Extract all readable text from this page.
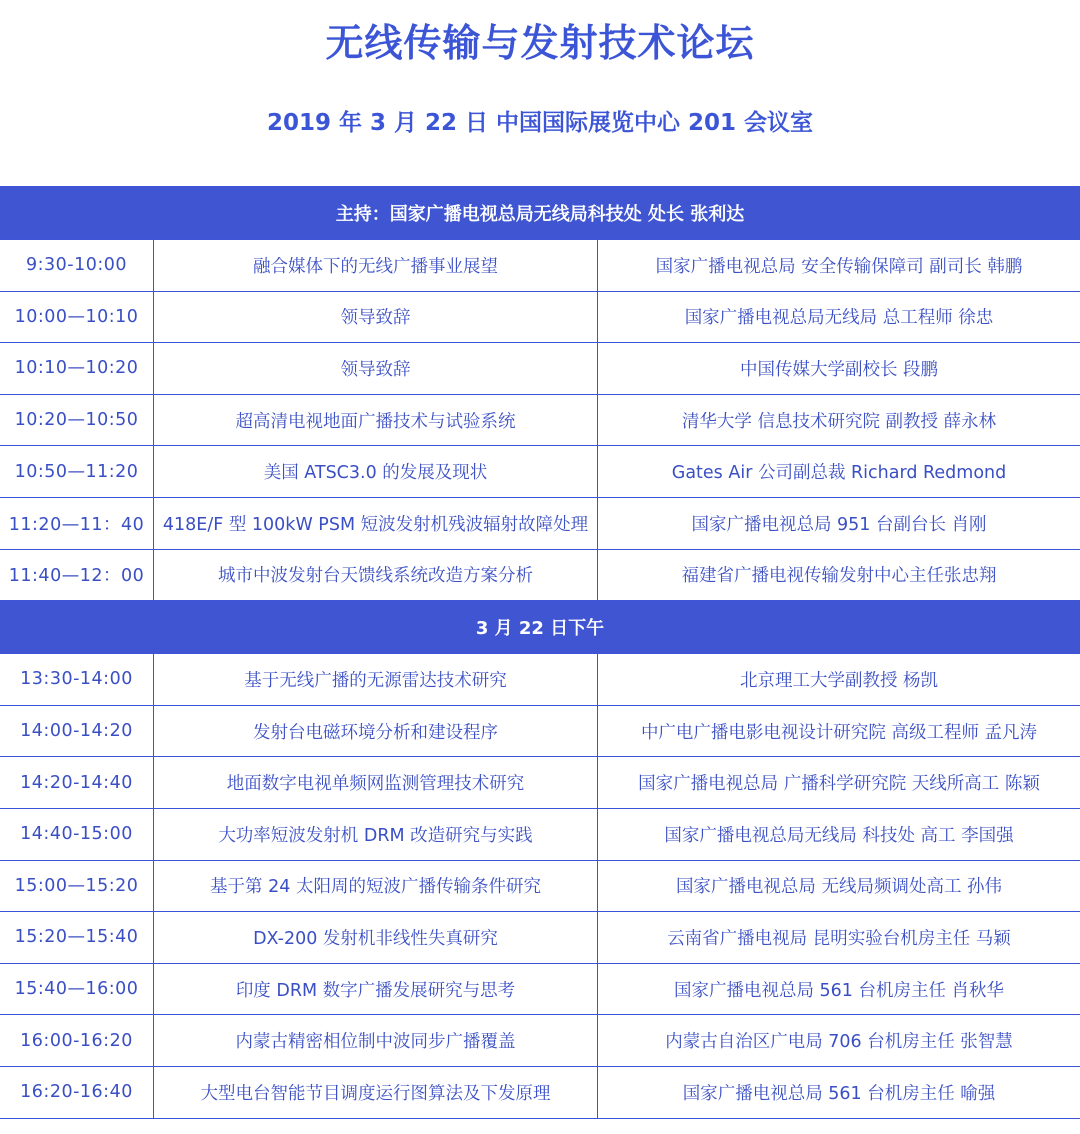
无线传输与发射技术论坛
2019 年 3 月 22 日 中国国际展览中心 201 会议室
主持：国家广播电视总局无线局科技处 处长 张利达
9:30-10:00	融合媒体下的无线广播事业展望	国家广播电视总局 安全传输保障司 副司长 韩鹏
10:00—10:10	领导致辞	国家广播电视总局无线局 总工程师 徐忠
10:10—10:20	领导致辞	中国传媒大学副校长 段鹏
10:20—10:50	超高清电视地面广播技术与试验系统	清华大学 信息技术研究院 副教授 薛永林
10:50—11:20	美国 ATSC3.0 的发展及现状	Gates Air 公司副总裁 Richard Redmond
11:20—11：40	418E/F 型 100kW PSM 短波发射机残波辐射故障处理	国家广播电视总局 951 台副台长 肖刚
11:40—12：00	城市中波发射台天馈线系统改造方案分析	福建省广播电视传输发射中心主任张忠翔
3 月 22 日下午
13:30-14:00	基于无线广播的无源雷达技术研究	北京理工大学副教授 杨凯
14:00-14:20	发射台电磁环境分析和建设程序	中广电广播电影电视设计研究院 高级工程师 孟凡涛
14:20-14:40	地面数字电视单频网监测管理技术研究	国家广播电视总局 广播科学研究院 天线所高工 陈颖
14:40-15:00	大功率短波发射机 DRM 改造研究与实践	国家广播电视总局无线局 科技处 高工 李国强
15:00—15:20	基于第 24 太阳周的短波广播传输条件研究	国家广播电视总局 无线局频调处高工 孙伟
15:20—15:40	DX-200 发射机非线性失真研究	云南省广播电视局 昆明实验台机房主任 马颖
15:40—16:00	印度 DRM 数字广播发展研究与思考	国家广播电视总局 561 台机房主任 肖秋华
16:00-16:20	内蒙古精密相位制中波同步广播覆盖	内蒙古自治区广电局 706 台机房主任 张智慧
16:20-16:40	大型电台智能节目调度运行图算法及下发原理	国家广播电视总局 561 台机房主任 喻强
